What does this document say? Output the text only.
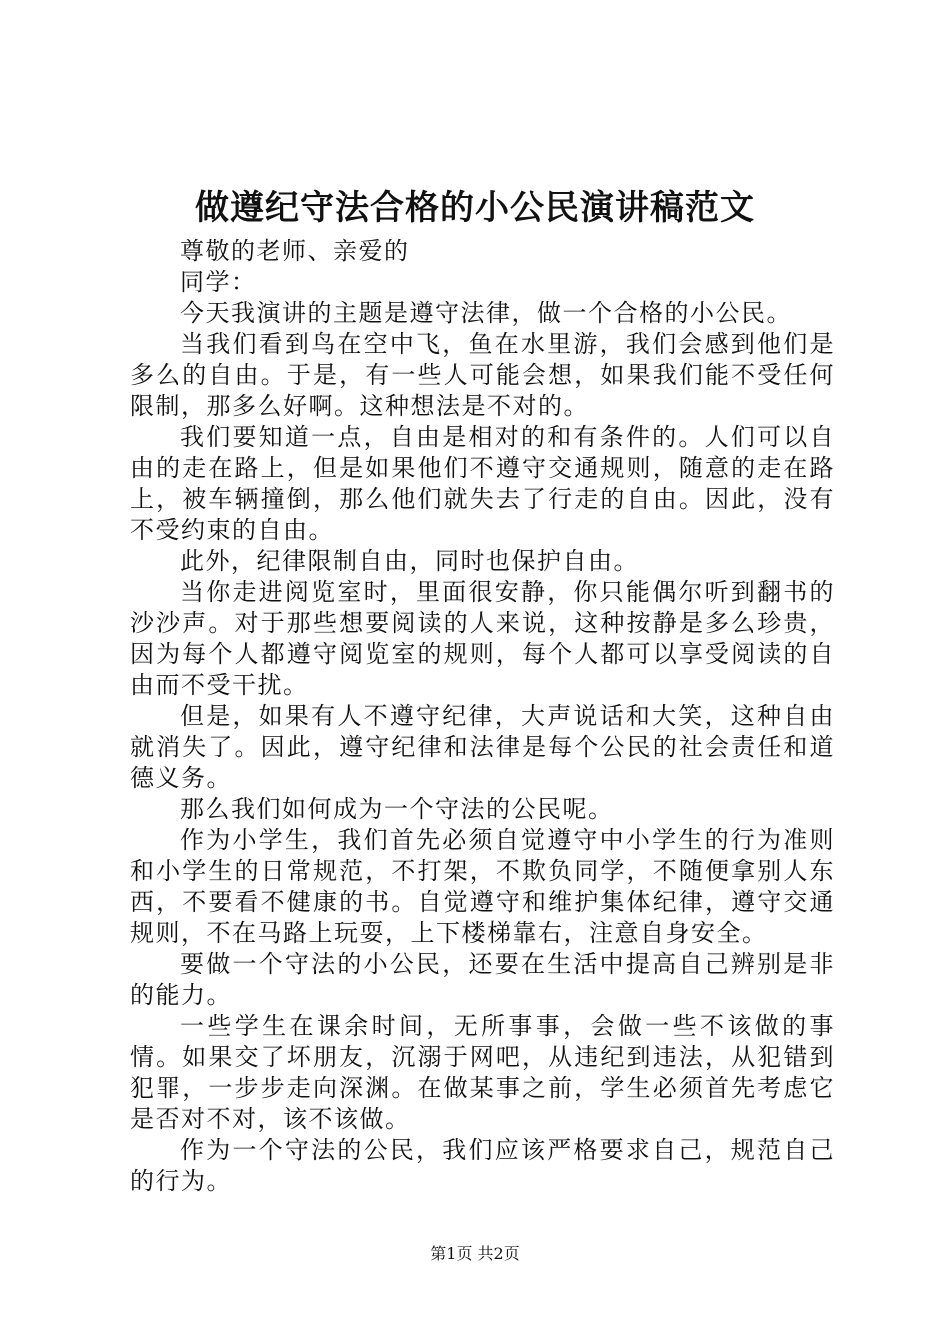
做遵纪守法合格的小公民演讲稿范文

尊敬的老师、亲爱的

同学：

今天我演讲的主题是遵守法律，做一个合格的小公民。

当我们看到鸟在空中飞，鱼在水里游，我们会感到他们是多么的自由。于是，有一些人可能会想，如果我们能不受任何限制，那多么好啊。这种想法是不对的。

我们要知道一点，自由是相对的和有条件的。人们可以自由的走在路上，但是如果他们不遵守交通规则，随意的走在路上，被车辆撞倒，那么他们就失去了行走的自由。因此，没有不受约束的自由。

此外，纪律限制自由，同时也保护自由。

当你走进阅览室时，里面很安静，你只能偶尔听到翻书的沙沙声。对于那些想要阅读的人来说，这种按静是多么珍贵，因为每个人都遵守阅览室的规则，每个人都可以享受阅读的自由而不受干扰。

但是，如果有人不遵守纪律，大声说话和大笑，这种自由就消失了。因此，遵守纪律和法律是每个公民的社会责任和道德义务。

那么我们如何成为一个守法的公民呢。

作为小学生，我们首先必须自觉遵守中小学生的行为准则和小学生的日常规范，不打架，不欺负同学，不随便拿别人东西，不要看不健康的书。自觉遵守和维护集体纪律，遵守交通规则，不在马路上玩耍，上下楼梯靠右，注意自身安全。

要做一个守法的小公民，还要在生活中提高自己辨别是非的能力。

一些学生在课余时间，无所事事，会做一些不该做的事情。如果交了坏朋友，沉溺于网吧，从违纪到违法，从犯错到犯罪，一步步走向深渊。在做某事之前，学生必须首先考虑它是否对不对，该不该做。

作为一个守法的公民，我们应该严格要求自己，规范自己的行为。

第1页 共2页
